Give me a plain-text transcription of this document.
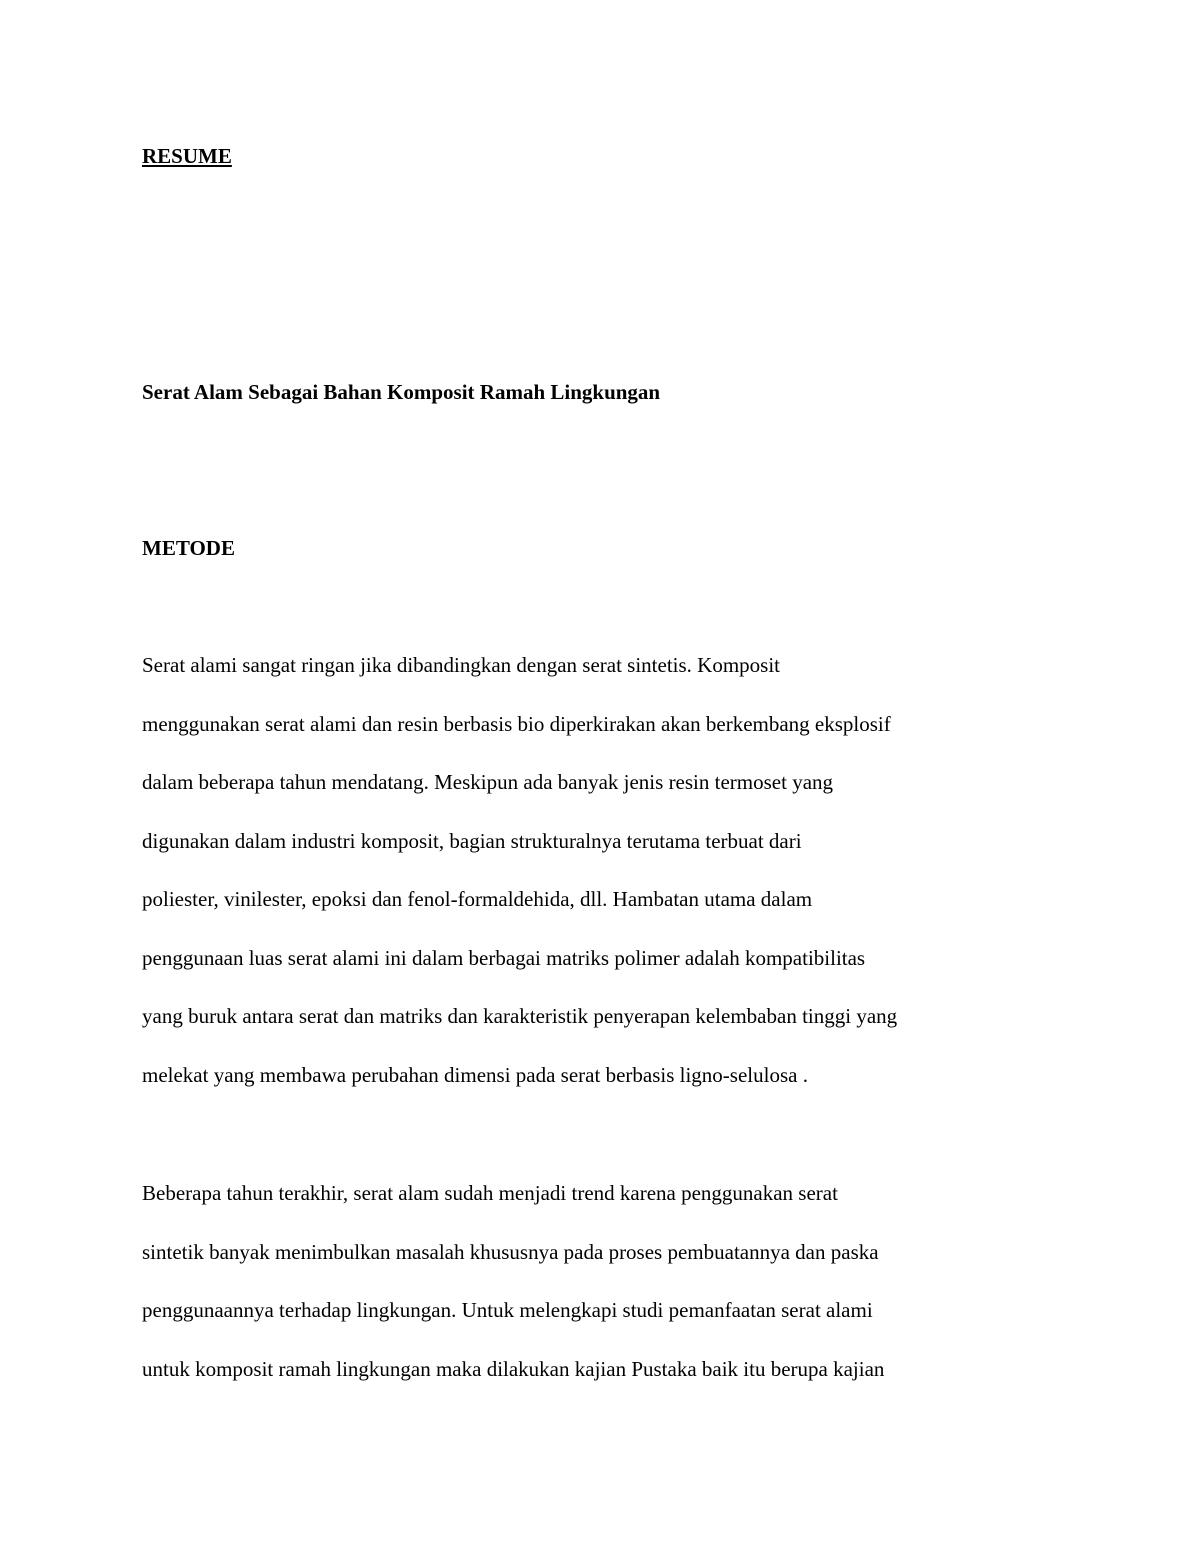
RESUME
Serat Alam Sebagai Bahan Komposit Ramah Lingkungan
METODE
Serat alami sangat ringan jika dibandingkan dengan serat sintetis. Komposit
menggunakan serat alami dan resin berbasis bio diperkirakan akan berkembang eksplosif
dalam beberapa tahun mendatang. Meskipun ada banyak jenis resin termoset yang
digunakan dalam industri komposit, bagian strukturalnya terutama terbuat dari
poliester, vinilester, epoksi dan fenol-formaldehida, dll. Hambatan utama dalam
penggunaan luas serat alami ini dalam berbagai matriks polimer adalah kompatibilitas
yang buruk antara serat dan matriks dan karakteristik penyerapan kelembaban tinggi yang
melekat yang membawa perubahan dimensi pada serat berbasis ligno-selulosa .
Beberapa tahun terakhir, serat alam sudah menjadi trend karena penggunakan serat
sintetik banyak menimbulkan masalah khususnya pada proses pembuatannya dan paska
penggunaannya terhadap lingkungan. Untuk melengkapi studi pemanfaatan serat alami
untuk komposit ramah lingkungan maka dilakukan kajian Pustaka baik itu berupa kajian
